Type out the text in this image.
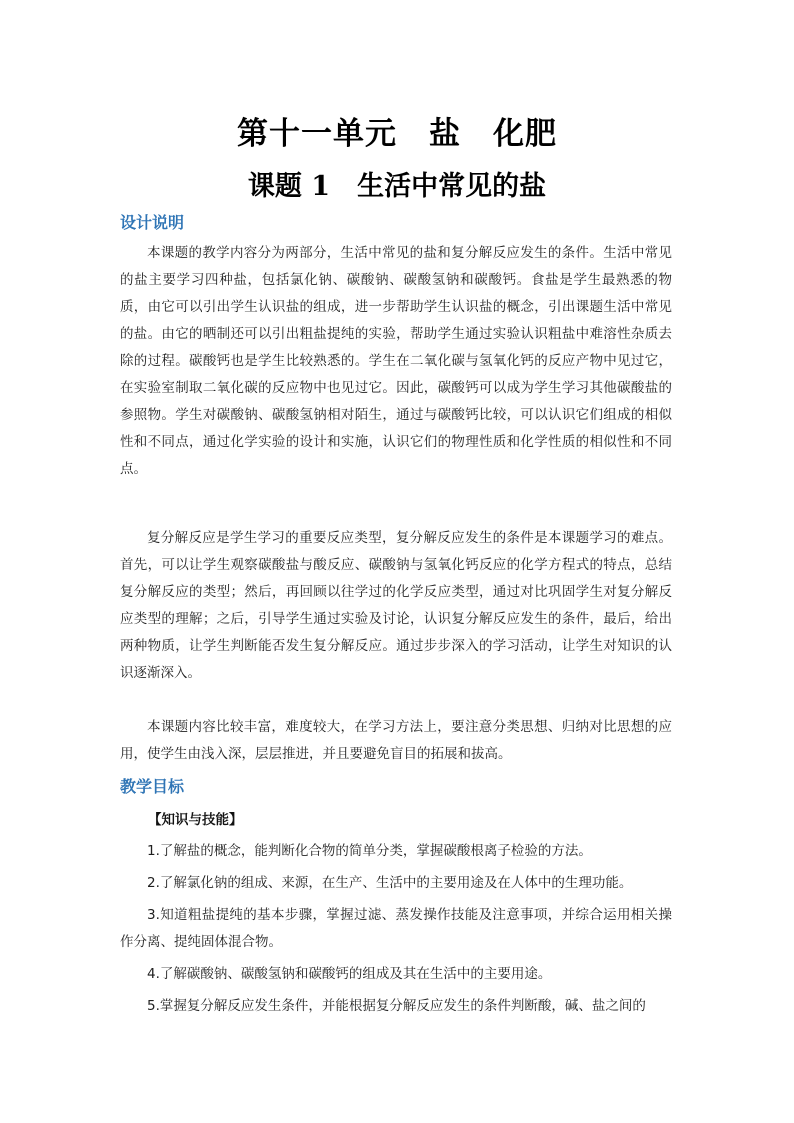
第十一单元　盐　化肥
课题 1　生活中常见的盐
设计说明

本课题的教学内容分为两部分，生活中常见的盐和复分解反应发生的条件。生活中常见的盐主要学习四种盐，包括氯化钠、碳酸钠、碳酸氢钠和碳酸钙。食盐是学生最熟悉的物质，由它可以引出学生认识盐的组成，进一步帮助学生认识盐的概念，引出课题生活中常见的盐。由它的晒制还可以引出粗盐提纯的实验，帮助学生通过实验认识粗盐中难溶性杂质去除的过程。碳酸钙也是学生比较熟悉的。学生在二氧化碳与氢氧化钙的反应产物中见过它，在实验室制取二氧化碳的反应物中也见过它。因此，碳酸钙可以成为学生学习其他碳酸盐的参照物。学生对碳酸钠、碳酸氢钠相对陌生，通过与碳酸钙比较，可以认识它们组成的相似性和不同点，通过化学实验的设计和实施，认识它们的物理性质和化学性质的相似性和不同点。

复分解反应是学生学习的重要反应类型，复分解反应发生的条件是本课题学习的难点。首先，可以让学生观察碳酸盐与酸反应、碳酸钠与氢氧化钙反应的化学方程式的特点，总结复分解反应的类型；然后，再回顾以往学过的化学反应类型，通过对比巩固学生对复分解反应类型的理解；之后，引导学生通过实验及讨论，认识复分解反应发生的条件，最后，给出两种物质，让学生判断能否发生复分解反应。通过步步深入的学习活动，让学生对知识的认识逐渐深入。

本课题内容比较丰富，难度较大，在学习方法上，要注意分类思想、归纳对比思想的应用，使学生由浅入深，层层推进，并且要避免盲目的拓展和拔高。

教学目标
【知识与技能】
1.了解盐的概念，能判断化合物的简单分类，掌握碳酸根离子检验的方法。
2.了解氯化钠的组成、来源，在生产、生活中的主要用途及在人体中的生理功能。
3.知道粗盐提纯的基本步骤，掌握过滤、蒸发操作技能及注意事项，并综合运用相关操作分离、提纯固体混合物。
4.了解碳酸钠、碳酸氢钠和碳酸钙的组成及其在生活中的主要用途。
5.掌握复分解反应发生条件，并能根据复分解反应发生的条件判断酸，碱、盐之间的
